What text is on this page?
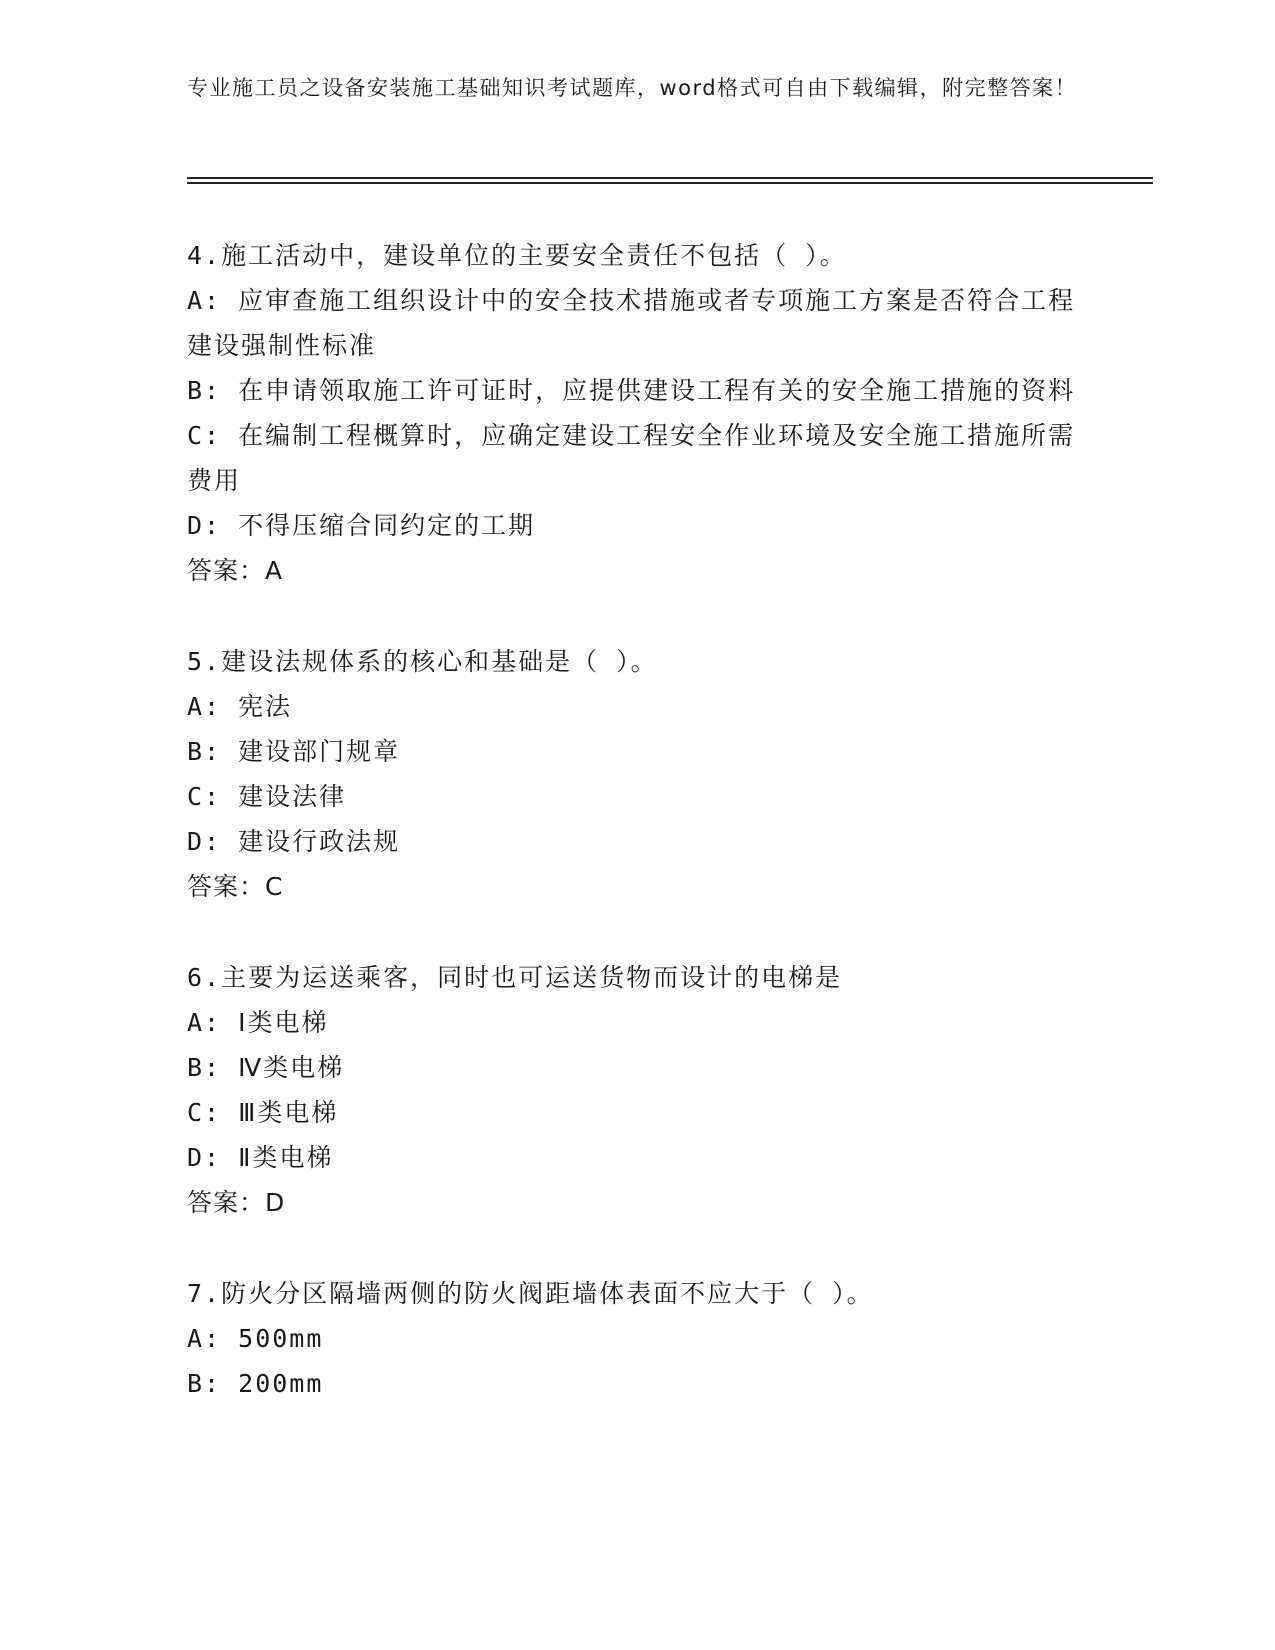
专业施工员之设备安装施工基础知识考试题库，word格式可自由下载编辑，附完整答案！
4.施工活动中，建设单位的主要安全责任不包括（ ）。
A: 应审查施工组织设计中的安全技术措施或者专项施工方案是否符合工程建设强制性标准
B: 在申请领取施工许可证时，应提供建设工程有关的安全施工措施的资料
C: 在编制工程概算时，应确定建设工程安全作业环境及安全施工措施所需费用
D: 不得压缩合同约定的工期
答案：A
5.建设法规体系的核心和基础是（ ）。
A: 宪法
B: 建设部门规章
C: 建设法律
D: 建设行政法规
答案：C
6.主要为运送乘客，同时也可运送货物而设计的电梯是
A: Ⅰ类电梯
B: Ⅳ类电梯
C: Ⅲ类电梯
D: Ⅱ类电梯
答案：D
7.防火分区隔墙两侧的防火阀距墙体表面不应大于（ ）。
A: 500mm
B: 200mm
